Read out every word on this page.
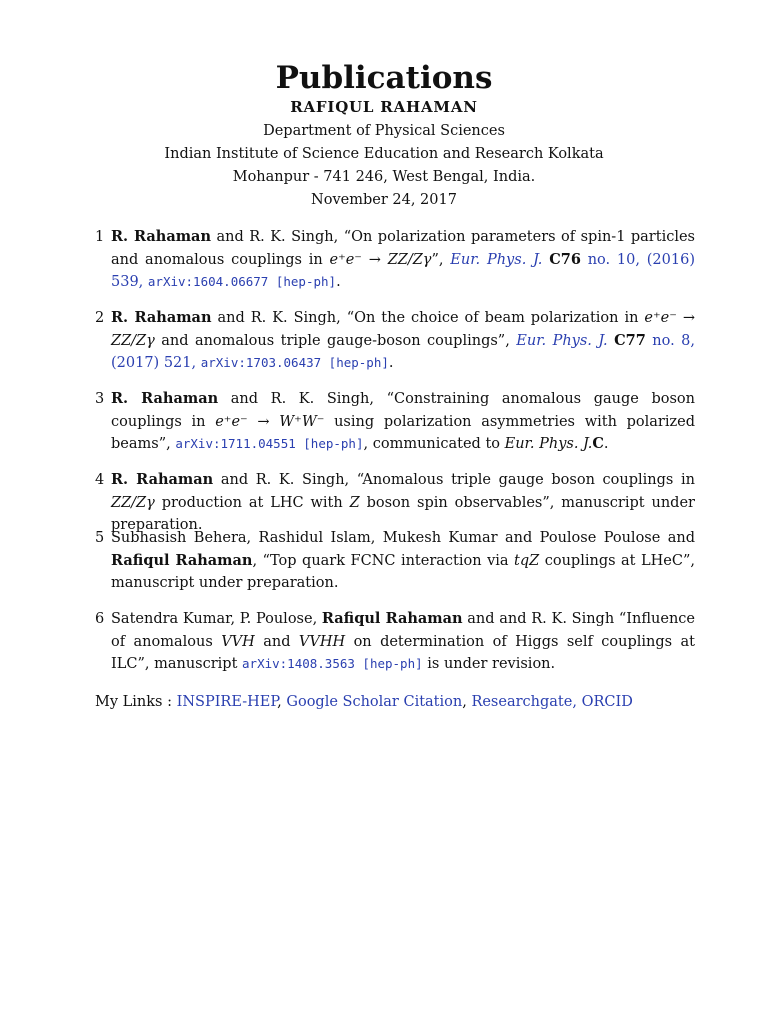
Publications
RAFIQUL RAHAMAN
Department of Physical Sciences
Indian Institute of Science Education and Research Kolkata
Mohanpur - 741 246, West Bengal, India.
November 24, 2017
1 R. Rahaman and R. K. Singh, “On polarization parameters of spin-1 particles and anomalous couplings in e⁺e⁻ → ZZ/Zγ”, Eur. Phys. J. C76 no. 10, (2016) 539, arXiv:1604.06677 [hep-ph].
2 R. Rahaman and R. K. Singh, “On the choice of beam polarization in e⁺e⁻ → ZZ/Zγ and anomalous triple gauge-boson couplings”, Eur. Phys. J. C77 no. 8, (2017) 521, arXiv:1703.06437 [hep-ph].
3 R. Rahaman and R. K. Singh, “Constraining anomalous gauge boson couplings in e⁺e⁻ → W⁺W⁻ using polarization asymmetries with polarized beams”, arXiv:1711.04551 [hep-ph], communicated to Eur. Phys. J.C.
4 R. Rahaman and R. K. Singh, “Anomalous triple gauge boson couplings in ZZ/Zγ production at LHC with Z boson spin observables”, manuscript under preparation.
5 Subhasish Behera, Rashidul Islam, Mukesh Kumar and Poulose Poulose and Rafiqul Rahaman, “Top quark FCNC interaction via tqZ couplings at LHeC”, manuscript under preparation.
6 Satendra Kumar, P. Poulose, Rafiqul Rahaman and and R. K. Singh “Influence of anomalous VVH and VVHH on determination of Higgs self couplings at ILC”, manuscript arXiv:1408.3563 [hep-ph] is under revision.
My Links : INSPIRE-HEP, Google Scholar Citation, Researchgate, ORCID
